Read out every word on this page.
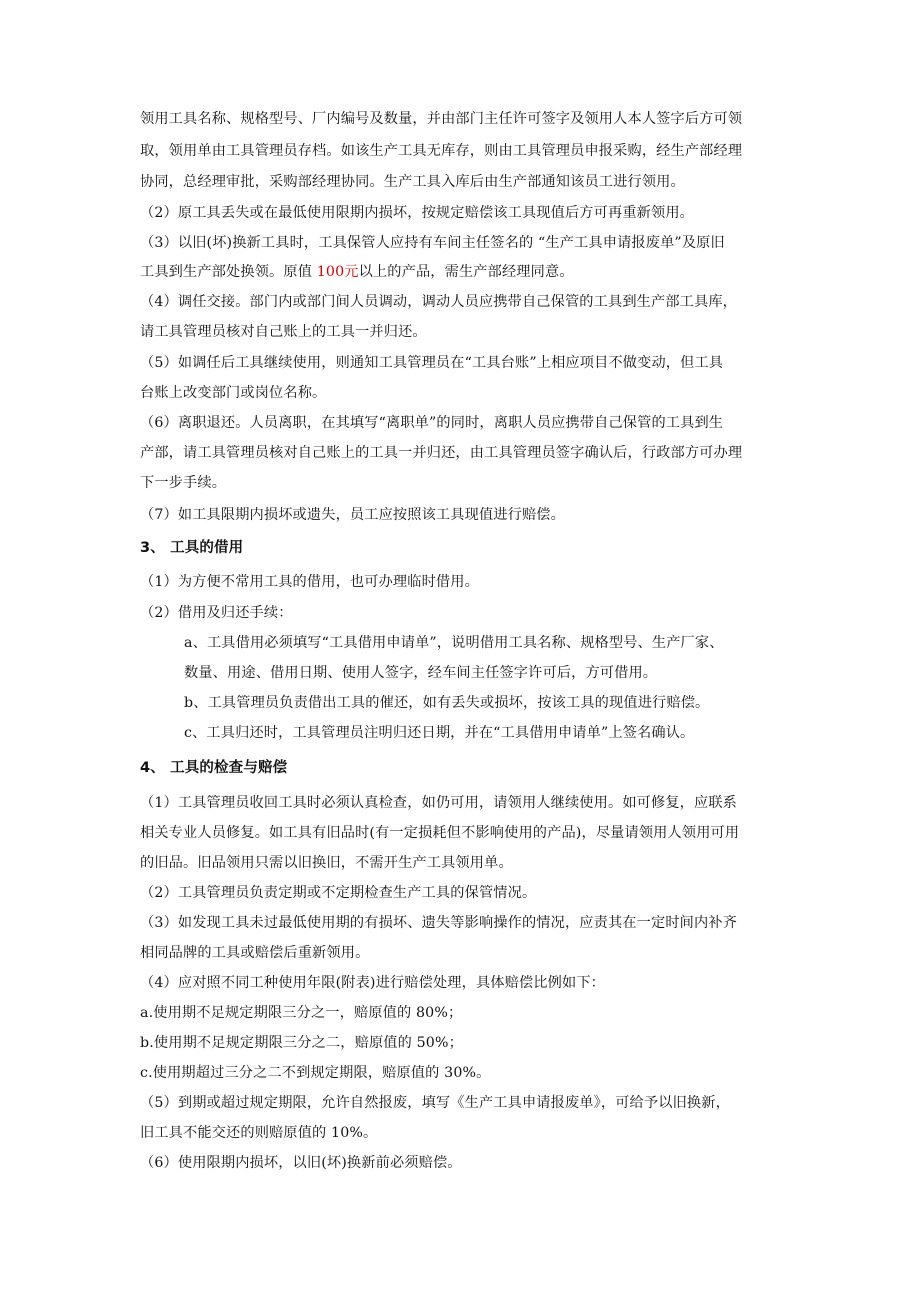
领用工具名称、规格型号、厂内编号及数量，并由部门主任许可签字及领用人本人签字后方可领
取，领用单由工具管理员存档。如该生产工具无库存，则由工具管理员申报采购，经生产部经理
协同，总经理审批，采购部经理协同。生产工具入库后由生产部通知该员工进行领用。
（2）原工具丢失或在最低使用限期内损坏，按规定赔偿该工具现值后方可再重新领用。
（3）以旧(坏)换新工具时，工具保管人应持有车间主任签名的 “生产工具申请报废单”及原旧
工具到生产部处换领。原值 100元以上的产品，需生产部经理同意。
（4）调任交接。部门内或部门间人员调动，调动人员应携带自己保管的工具到生产部工具库，
请工具管理员核对自己账上的工具一并归还。
（5）如调任后工具继续使用，则通知工具管理员在“工具台账”上相应项目不做变动，但工具
台账上改变部门或岗位名称。
（6）离职退还。人员离职，在其填写“离职单”的同时，离职人员应携带自己保管的工具到生
产部，请工具管理员核对自己账上的工具一并归还，由工具管理员签字确认后，行政部方可办理
下一步手续。
（7）如工具限期内损坏或遗失，员工应按照该工具现值进行赔偿。
3、 工具的借用
（1）为方便不常用工具的借用，也可办理临时借用。
（2）借用及归还手续：
a、工具借用必须填写“工具借用申请单”，说明借用工具名称、规格型号、生产厂家、
数量、用途、借用日期、使用人签字，经车间主任签字许可后，方可借用。
b、工具管理员负责借出工具的催还，如有丢失或损坏，按该工具的现值进行赔偿。
c、工具归还时，工具管理员注明归还日期，并在“工具借用申请单”上签名确认。
4、 工具的检查与赔偿
（1）工具管理员收回工具时必须认真检查，如仍可用，请领用人继续使用。如可修复，应联系
相关专业人员修复。如工具有旧品时(有一定损耗但不影响使用的产品)，尽量请领用人领用可用
的旧品。旧品领用只需以旧换旧，不需开生产工具领用单。
（2）工具管理员负责定期或不定期检查生产工具的保管情况。
（3）如发现工具未过最低使用期的有损坏、遗失等影响操作的情况，应责其在一定时间内补齐
相同品牌的工具或赔偿后重新领用。
（4）应对照不同工种使用年限(附表)进行赔偿处理，具体赔偿比例如下：
a.使用期不足规定期限三分之一，赔原值的 80%；
b.使用期不足规定期限三分之二，赔原值的 50%；
c.使用期超过三分之二不到规定期限，赔原值的 30%。
（5）到期或超过规定期限，允许自然报废，填写《生产工具申请报废单》，可给予以旧换新，
旧工具不能交还的则赔原值的 10%。
（6）使用限期内损坏，以旧(坏)换新前必须赔偿。
